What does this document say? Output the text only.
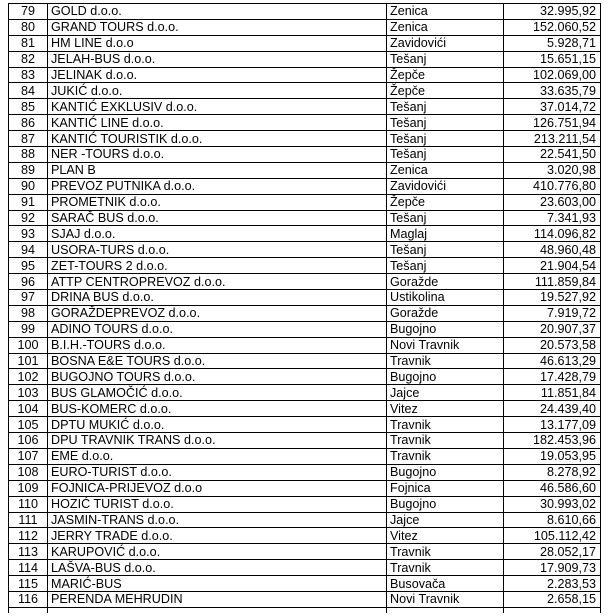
79	GOLD d.o.o.	Zenica	32.995,92
80	GRAND TOURS d.o.o.	Zenica	152.060,52
81	HM LINE d.o.o	Zavidovići	5.928,71
82	JELAH-BUS d.o.o.	Tešanj	15.651,15
83	JELINAK d.o.o.	Žepče	102.069,00
84	JUKIĆ d.o.o.	Žepče	33.635,79
85	KANTIĆ EXKLUSIV d.o.o.	Tešanj	37.014,72
86	KANTIĆ LINE d.o.o.	Tešanj	126.751,94
87	KANTIĆ TOURISTIK d.o.o.	Tešanj	213.211,54
88	NER -TOURS d.o.o.	Tešanj	22.541,50
89	PLAN B	Zenica	3.020,98
90	PREVOZ PUTNIKA d.o.o.	Zavidovići	410.776,80
91	PROMETNIK d.o.o.	Žepče	23.603,00
92	SARAČ BUS d.o.o.	Tešanj	7.341,93
93	SJAJ d.o.o.	Maglaj	114.096,82
94	USORA-TURS d.o.o.	Tešanj	48.960,48
95	ZET-TOURS 2 d.o.o.	Tešanj	21.904,54
96	ATTP CENTROPREVOZ d.o.o.	Goražde	111.859,84
97	DRINA BUS d.o.o.	Ustikolina	19.527,92
98	GORAŽDEPREVOZ d.o.o.	Goražde	7.919,72
99	ADINO TOURS d.o.o.	Bugojno	20.907,37
100	B.I.H.-TOURS d.o.o.	Novi Travnik	20.573,58
101	BOSNA E&E TOURS d.o.o.	Travnik	46.613,29
102	BUGOJNO TOURS d.o.o.	Bugojno	17.428,79
103	BUS GLAMOČIĆ d.o.o.	Jajce	11.851,84
104	BUS-KOMERC d.o.o.	Vitez	24.439,40
105	DPTU MUKIĆ d.o.o.	Travnik	13.177,09
106	DPU TRAVNIK TRANS d.o.o.	Travnik	182.453,96
107	EME d.o.o.	Travnik	19.053,95
108	EURO-TURIST d.o.o.	Bugojno	8.278,92
109	FOJNICA-PRIJEVOZ d.o.o	Fojnica	46.586,60
110	HOZIĆ TURIST d.o.o.	Bugojno	30.993,02
111	JASMIN-TRANS d.o.o.	Jajce	8.610,66
112	JERRY TRADE d.o.o.	Vitez	105.112,42
113	KARUPOVIĆ d.o.o.	Travnik	28.052,17
114	LAŠVA-BUS d.o.o.	Travnik	17.909,73
115	MARIĆ-BUS	Busovača	2.283,53
116	PERENDA MEHRUDIN	Novi Travnik	2.658,15
